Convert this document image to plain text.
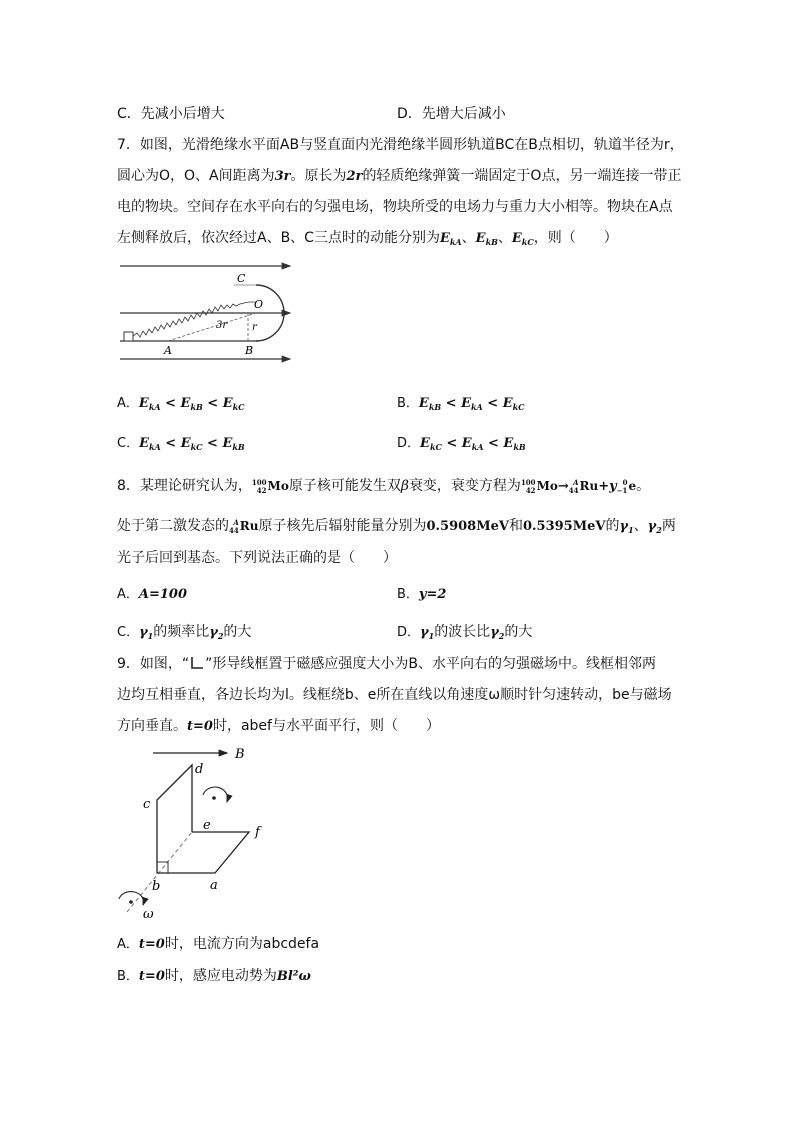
C．先减小后增大	D．先增大后减小
7．如图，光滑绝缘水平面AB与竖直面内光滑绝缘半圆形轨道BC在B点相切，轨道半径为r，
圆心为O，O、A间距离为3r。原长为2r的轻质绝缘弹簧一端固定于O点，另一端连接一带正
电的物块。空间存在水平向右的匀强电场，物块所受的电场力与重力大小相等。物块在A点
左侧释放后，依次经过A、B、C三点时的动能分别为$E_{kA}$、$E_{kB}$、$E_{kC}$，则（　　）
C
O
3r r
A	B
A．$E_{kA} < E_{kB} < E_{kC}$	B．$E_{kB} < E_{kA} < E_{kC}$
C．$E_{kA} < E_{kC} < E_{kB}$	D．$E_{kC} < E_{kA} < E_{kB}$
8．某理论研究认为，100
42Mo原子核可能发生双β衰变，衰变方程为100
42Mo→ A
44Ru+y 0
−1e。
处于第二激发态的 A
44Ru原子核先后辐射能量分别为0.5908MeV和0.5395MeV的$\gamma_1$、$\gamma_2$两
光子后回到基态。下列说法正确的是（　　）
A．A=100	B．y=2
C．$\gamma_1$的频率比$\gamma_2$的大	D．$\gamma_1$的波长比$\gamma_2$的大
9．如图，“ ”形导线框置于磁感应强度大小为B、水平向右的匀强磁场中。线框相邻两
边均互相垂直，各边长均为l。线框绕b、e所在直线以角速度ω顺时针匀速转动，be与磁场
方向垂直。t=0时，abef与水平面平行，则（　　）
B
d
c
e	f
b	a
ω
A．t=0时，电流方向为abcdefa
B．t=0时，感应电动势为Bl²ω
